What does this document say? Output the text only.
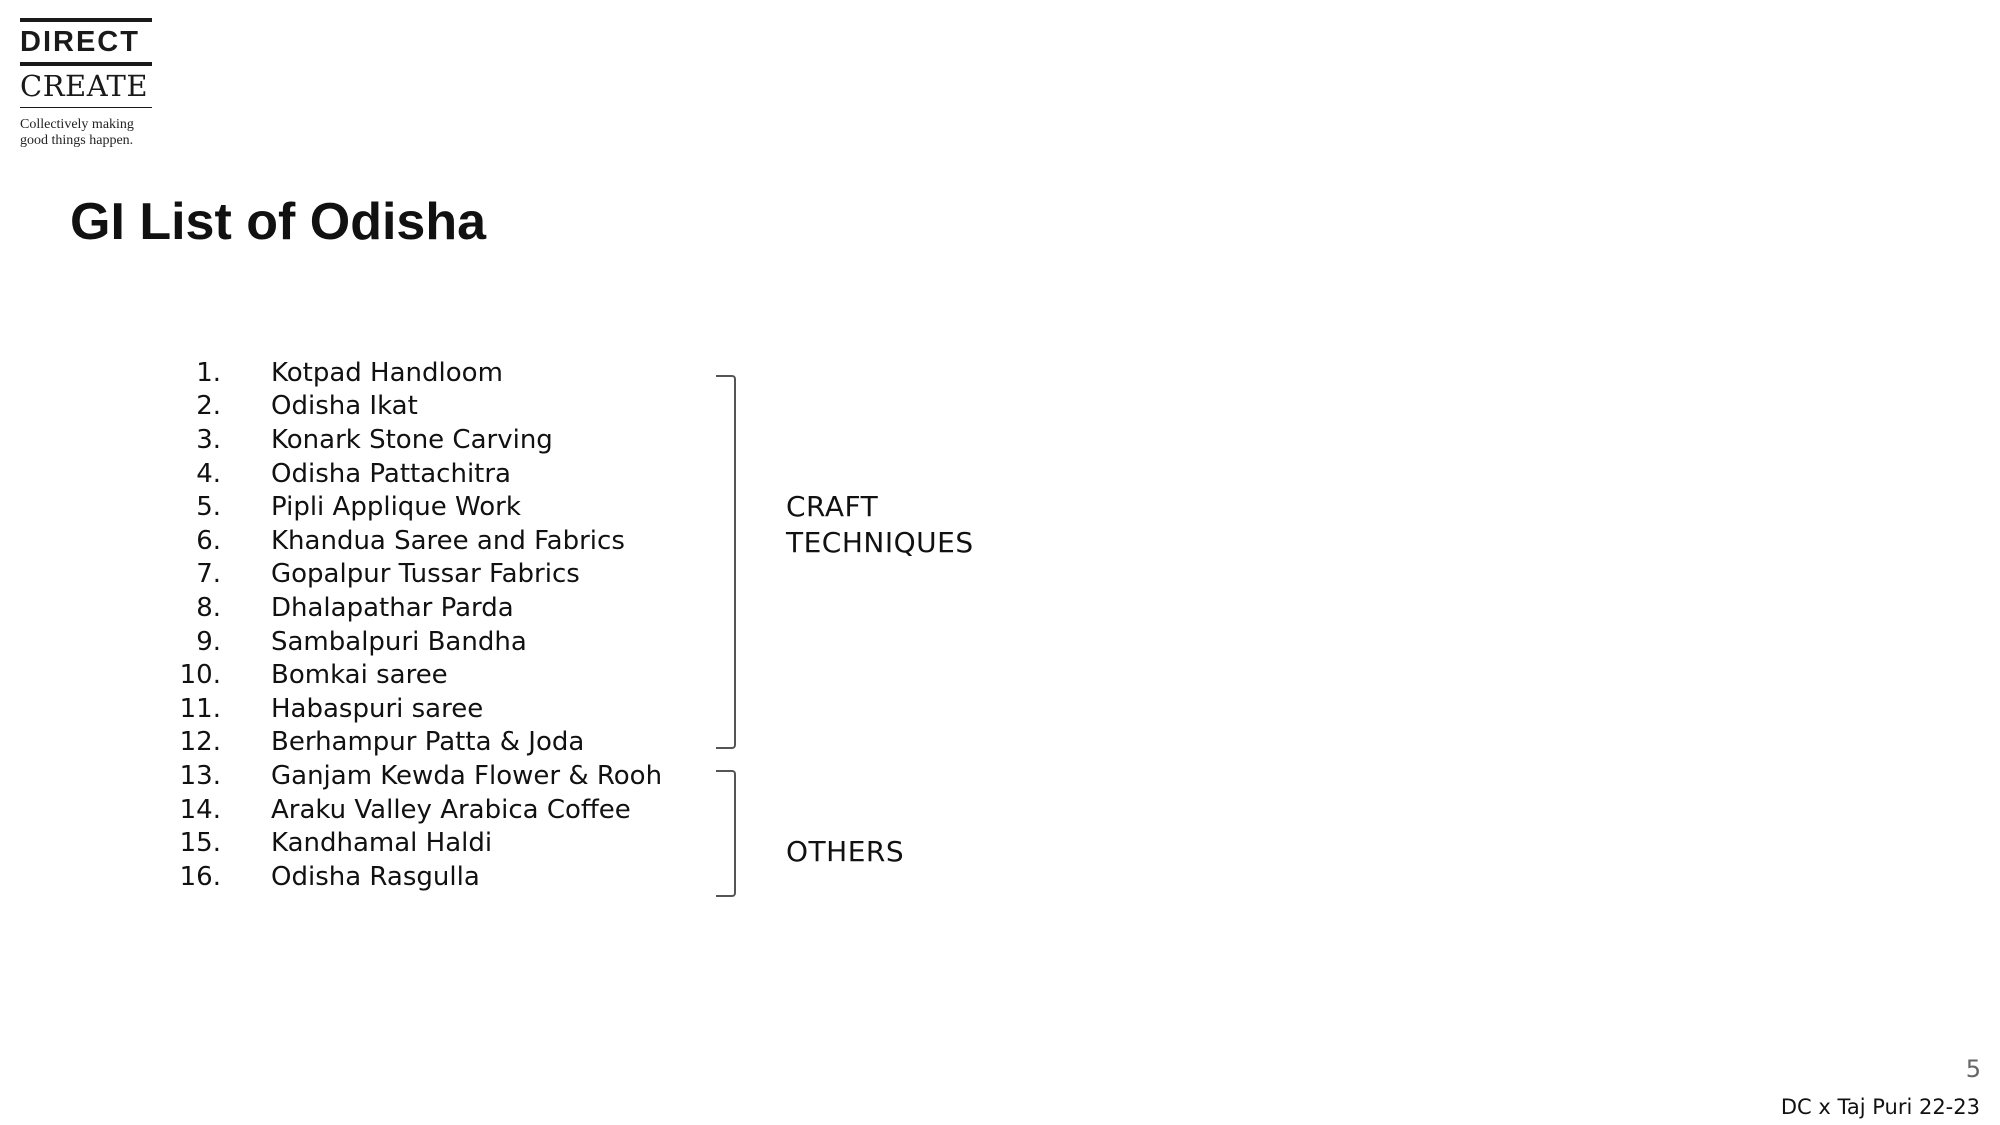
DIRECT
CREATE
Collectively making
good things happen.
GI List of Odisha
1. Kotpad Handloom
2. Odisha Ikat
3. Konark Stone Carving
4. Odisha Pattachitra
5. Pipli Applique Work
6. Khandua Saree and Fabrics
7. Gopalpur Tussar Fabrics
8. Dhalapathar Parda
9. Sambalpuri Bandha
10. Bomkai saree
11. Habaspuri saree
12. Berhampur Patta & Joda
13. Ganjam Kewda Flower & Rooh
14. Araku Valley Arabica Coffee
15. Kandhamal Haldi
16. Odisha Rasgulla
CRAFT
TECHNIQUES
OTHERS
5
DC x Taj Puri 22-23
